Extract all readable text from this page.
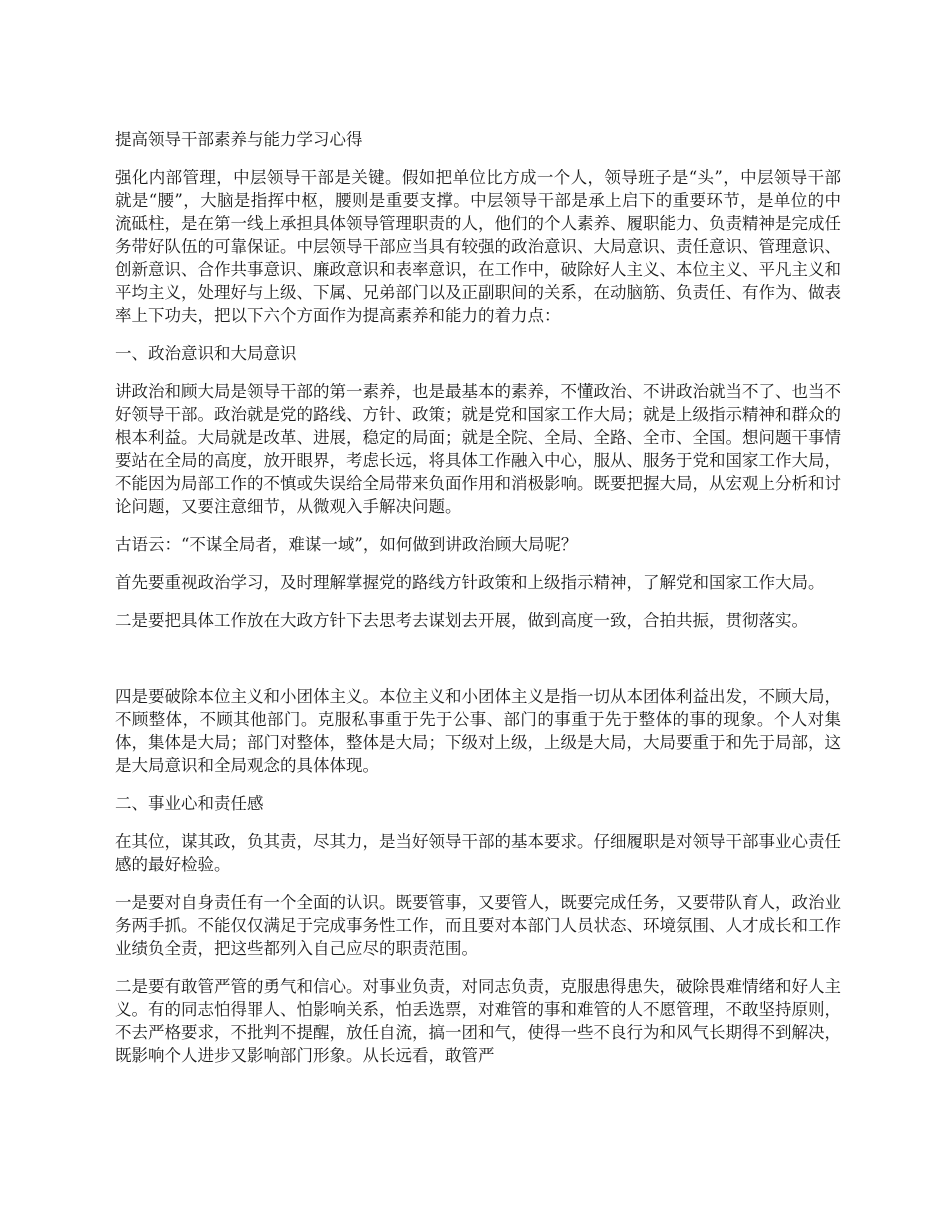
提高领导干部素养与能力学习心得

强化内部管理，中层领导干部是关键。假如把单位比方成一个人，领导班子是“头”，中层领导干部就是“腰”，大脑是指挥中枢，腰则是重要支撑。中层领导干部是承上启下的重要环节，是单位的中流砥柱，是在第一线上承担具体领导管理职责的人，他们的个人素养、履职能力、负责精神是完成任务带好队伍的可靠保证。中层领导干部应当具有较强的政治意识、大局意识、责任意识、管理意识、创新意识、合作共事意识、廉政意识和表率意识，在工作中，破除好人主义、本位主义、平凡主义和平均主义，处理好与上级、下属、兄弟部门以及正副职间的关系，在动脑筋、负责任、有作为、做表率上下功夫，把以下六个方面作为提高素养和能力的着力点：

一、政治意识和大局意识

讲政治和顾大局是领导干部的第一素养，也是最基本的素养，不懂政治、不讲政治就当不了、也当不好领导干部。政治就是党的路线、方针、政策；就是党和国家工作大局；就是上级指示精神和群众的根本利益。大局就是改革、进展，稳定的局面；就是全院、全局、全路、全市、全国。想问题干事情要站在全局的高度，放开眼界，考虑长远，将具体工作融入中心，服从、服务于党和国家工作大局，不能因为局部工作的不慎或失误给全局带来负面作用和消极影响。既要把握大局，从宏观上分析和讨论问题，又要注意细节，从微观入手解决问题。

古语云：“不谋全局者，难谋一域”，如何做到讲政治顾大局呢？

首先要重视政治学习，及时理解掌握党的路线方针政策和上级指示精神，了解党和国家工作大局。

二是要把具体工作放在大政方针下去思考去谋划去开展，做到高度一致，合拍共振，贯彻落实。

四是要破除本位主义和小团体主义。本位主义和小团体主义是指一切从本团体利益出发，不顾大局，不顾整体，不顾其他部门。克服私事重于先于公事、部门的事重于先于整体的事的现象。个人对集体，集体是大局；部门对整体，整体是大局；下级对上级，上级是大局，大局要重于和先于局部，这是大局意识和全局观念的具体体现。

二、事业心和责任感

在其位，谋其政，负其责，尽其力，是当好领导干部的基本要求。仔细履职是对领导干部事业心责任感的最好检验。

一是要对自身责任有一个全面的认识。既要管事，又要管人，既要完成任务，又要带队育人，政治业务两手抓。不能仅仅满足于完成事务性工作，而且要对本部门人员状态、环境氛围、人才成长和工作业绩负全责，把这些都列入自己应尽的职责范围。

二是要有敢管严管的勇气和信心。对事业负责，对同志负责，克服患得患失，破除畏难情绪和好人主义。有的同志怕得罪人、怕影响关系，怕丢选票，对难管的事和难管的人不愿管理，不敢坚持原则，不去严格要求，不批判不提醒，放任自流，搞一团和气，使得一些不良行为和风气长期得不到解决，既影响个人进步又影响部门形象。从长远看，敢管严
